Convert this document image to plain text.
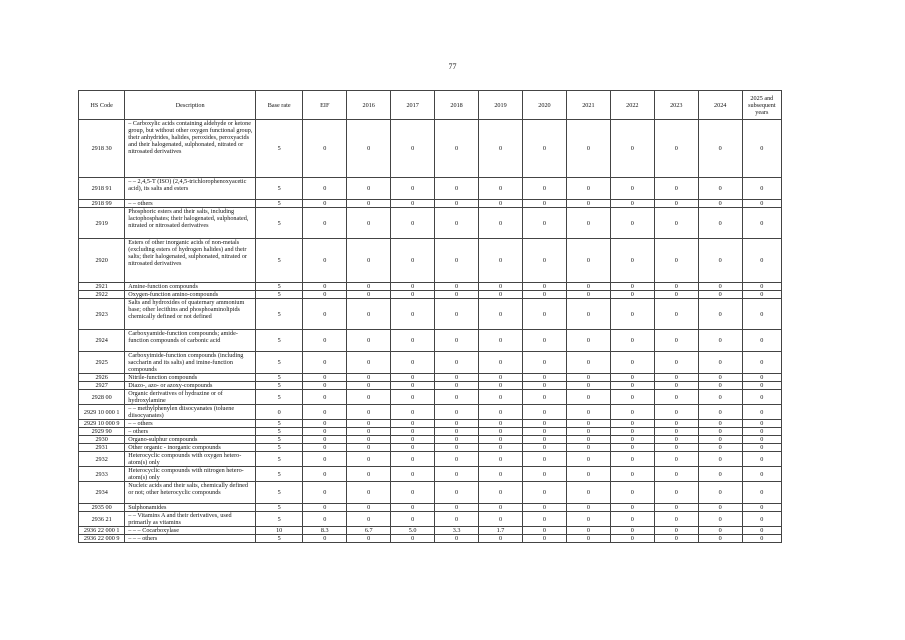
77
HS Code	Description	Base rate	EIF	2016	2017	2018	2019	2020	2021	2022	2023	2024	2025 and subsequent years
2918 30	– Carboxylic acids containing aldehyde or ketone group, but without other oxygen functional group, their anhydrides, halides, peroxides, peroxyacids and their halogenated, sulphonated, nitrated or nitrosated derivatives	5	0	0	0	0	0	0	0	0	0	0	0
2918 91	– – 2,4,5-T (ISO) (2,4,5-trichlorophenoxyacetic acid), its salts and esters	5	0	0	0	0	0	0	0	0	0	0	0
2918 99	– – others	5	0	0	0	0	0	0	0	0	0	0	0
2919	Phosphoric esters and their salts, including lactophosphates; their halogenated, sulphonated, nitrated or nitrosated derivatives	5	0	0	0	0	0	0	0	0	0	0	0
2920	Esters of other inorganic acids of non-metals (excluding esters of hydrogen halides) and their salts; their halogenated, sulphonated, nitrated or nitrosated derivatives	5	0	0	0	0	0	0	0	0	0	0	0
2921	Amine-function compounds	5	0	0	0	0	0	0	0	0	0	0	0
2922	Oxygen-function amino-compounds	5	0	0	0	0	0	0	0	0	0	0	0
2923	Salts and hydroxides of quaternary ammonium base; other lecithins and phosphoaminolipids chemically defined or not defined	5	0	0	0	0	0	0	0	0	0	0	0
2924	Carboxyamide-function compounds; amide-function compounds of carbonic acid	5	0	0	0	0	0	0	0	0	0	0	0
2925	Carboxyimide-function compounds (including saccharin and its salts) and imine-function compounds	5	0	0	0	0	0	0	0	0	0	0	0
2926	Nitrile-function compounds	5	0	0	0	0	0	0	0	0	0	0	0
2927	Diazo-, azo- or azoxy-compounds	5	0	0	0	0	0	0	0	0	0	0	0
2928 00	Organic derivatives of hydrazine or of hydroxylamine	5	0	0	0	0	0	0	0	0	0	0	0
2929 10 000 1	– – methylphenylen diisocyanates (toluene diisocyanates)	0	0	0	0	0	0	0	0	0	0	0	0
2929 10 000 9	– – others	5	0	0	0	0	0	0	0	0	0	0	0
2929 90	– others	5	0	0	0	0	0	0	0	0	0	0	0
2930	Organo-sulphur compounds	5	0	0	0	0	0	0	0	0	0	0	0
2931	Other organic - inorganic compounds	5	0	0	0	0	0	0	0	0	0	0	0
2932	Heterocyclic compounds with oxygen hetero-atom(s) only	5	0	0	0	0	0	0	0	0	0	0	0
2933	Heterocyclic compounds with nitrogen hetero-atom(s) only	5	0	0	0	0	0	0	0	0	0	0	0
2934	Nucleic acids and their salts, chemically defined or not; other heterocyclic compounds	5	0	0	0	0	0	0	0	0	0	0	0
2935 00	Sulphonamides	5	0	0	0	0	0	0	0	0	0	0	0
2936 21	– – Vitamins A and their derivatives, used primarily as vitamins	5	0	0	0	0	0	0	0	0	0	0	0
2936 22 000 1	– – – Cocarboxylase	10	8.3	6.7	5.0	3.3	1.7	0	0	0	0	0	0
2936 22 000 9	– – – others	5	0	0	0	0	0	0	0	0	0	0	0
